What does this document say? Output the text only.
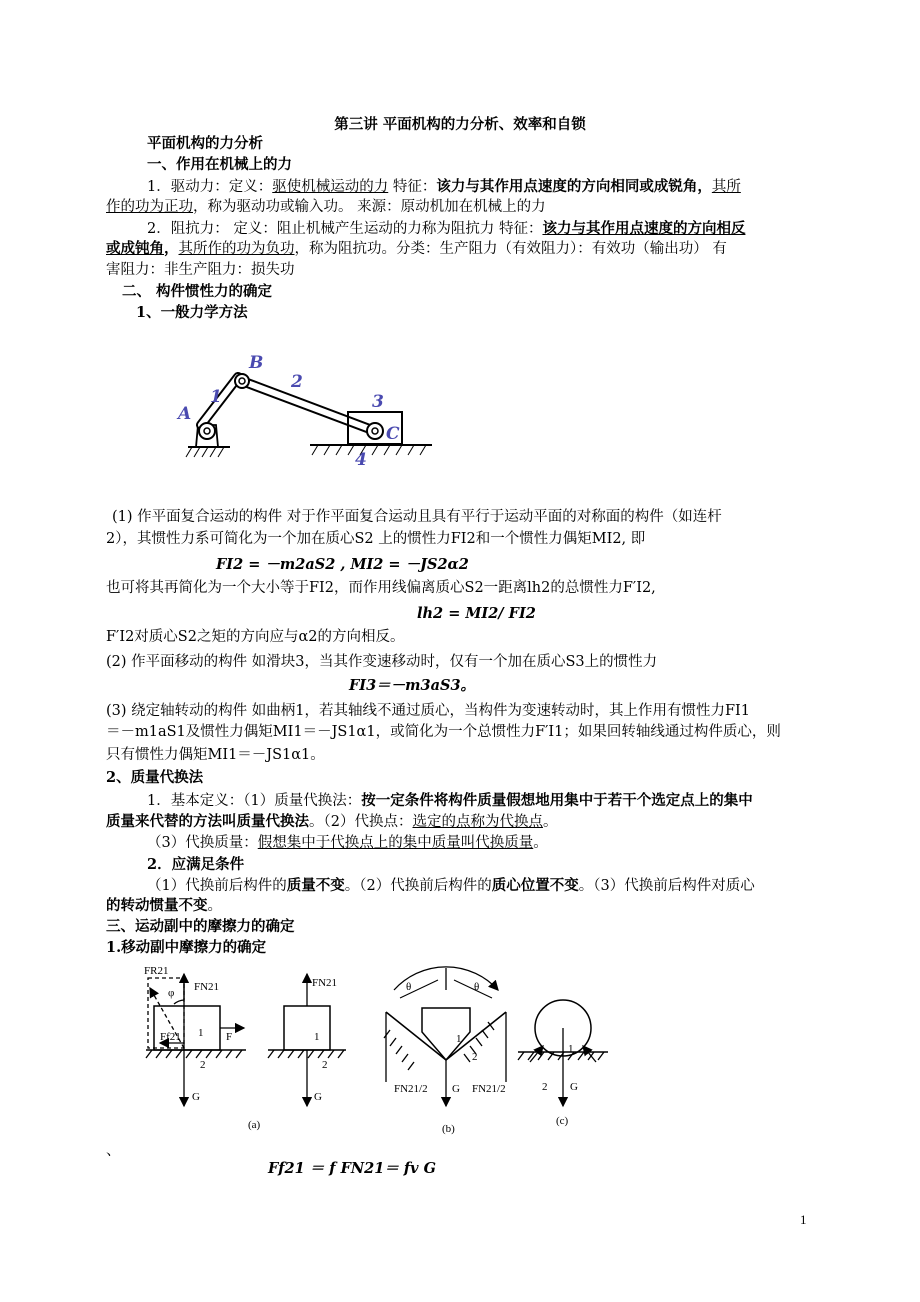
第三讲 平面机构的力分析、效率和自锁
平面机构的力分析
一、作用在机械上的力
1．驱动力：定义：驱使机械运动的力 特征：该力与其作用点速度的方向相同或成锐角，其所
作的功为正功，称为驱动功或输入功。 来源：原动机加在机械上的力
2．阻抗力： 定义：阻止机械产生运动的力称为阻抗力 特征：该力与其作用点速度的方向相反
或成钝角，其所作的功为负功，称为阻抗功。分类：生产阻力（有效阻力）：有效功（输出功） 有
害阻力：非生产阻力：损失功
二、 构件惯性力的确定
1、一般力学方法
A
B
C
1
2
3
4
(1) 作平面复合运动的构件 对于作平面复合运动且具有平行于运动平面的对称面的构件（如连杆
2），其惯性力系可简化为一个加在质心S2 上的惯性力FI2和一个惯性力偶矩MI2, 即
FI2 = －m2aS2 , MI2 = －JS2α2
也可将其再简化为一个大小等于FI2，而作用线偏离质心S2一距离lh2的总惯性力F′I2,
lh2 = MI2/ FI2
F′I2对质心S2之矩的方向应与α2的方向相反。
(2) 作平面移动的构件 如滑块3，当其作变速移动时，仅有一个加在质心S3上的惯性力
FI3＝－m3aS3。
(3) 绕定轴转动的构件 如曲柄1，若其轴线不通过质心，当构件为变速转动时，其上作用有惯性力FI1
＝－m1aS1及惯性力偶矩MI1＝－JS1α1，或简化为一个总惯性力F′I1；如果回转轴线通过构件质心，则
只有惯性力偶矩MI1＝－JS1α1。
2、质量代换法
1．基本定义：（1）质量代换法：按一定条件将构件质量假想地用集中于若干个选定点上的集中
质量来代替的方法叫质量代换法。（2）代换点：选定的点称为代换点。
（3）代换质量：假想集中于代换点上的集中质量叫代换质量。
2．应满足条件
（1）代换前后构件的质量不变。（2）代换前后构件的质心位置不变。（3）代换前后构件对质心
的转动惯量不变。
三、运动副中的摩擦力的确定
1.移动副中摩擦力的确定
FR21
φ FN21
Ff21	F
1
2
G
FN21
1
2
G
θ	θ
1
2
FN21/2 G FN21/2
1
2 G
(a)	(b)
(c)
、
Ff21 ＝ f FN21＝ fv G
1
